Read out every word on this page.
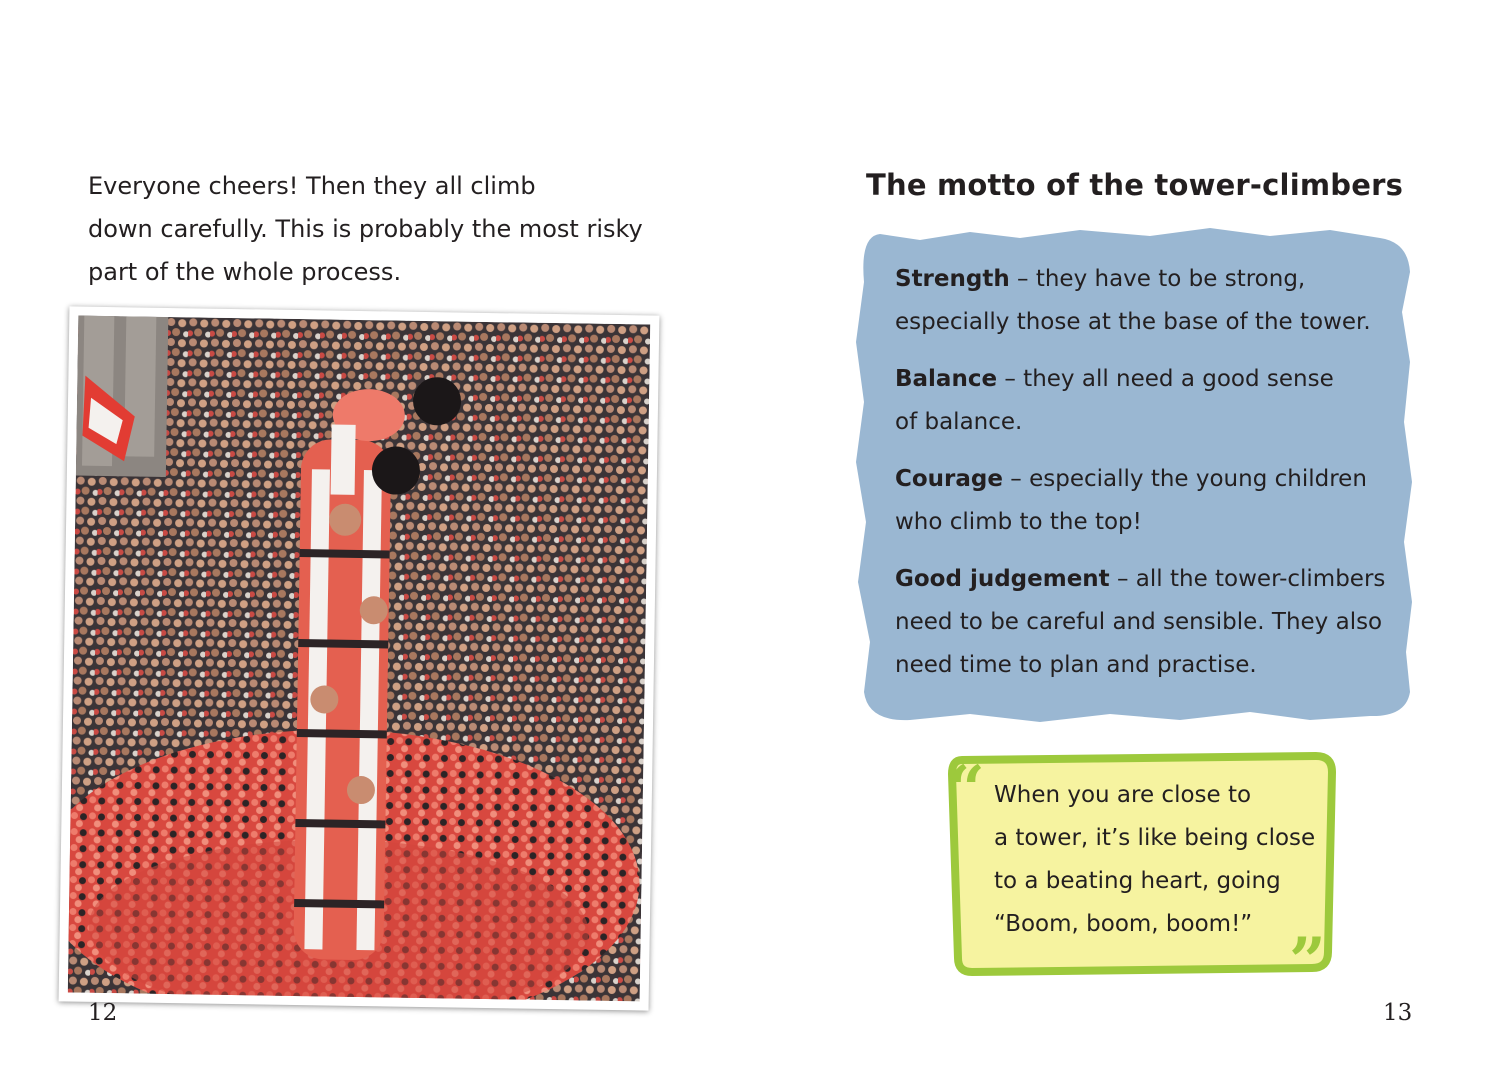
Everyone cheers! Then they all climb
down carefully. This is probably the most risky
part of the whole process.

12
The motto of the tower-climbers
Strength – they have to be strong,
especially those at the base of the tower.
Balance – they all need a good sense
of balance.
Courage – especially the young children
who climb to the top!
Good judgement – all the tower-climbers
need to be careful and sensible. They also
need time to plan and practise.
“ When you are close to
a tower, it’s like being close
to a beating heart, going
“Boom, boom, boom!” ”
13
